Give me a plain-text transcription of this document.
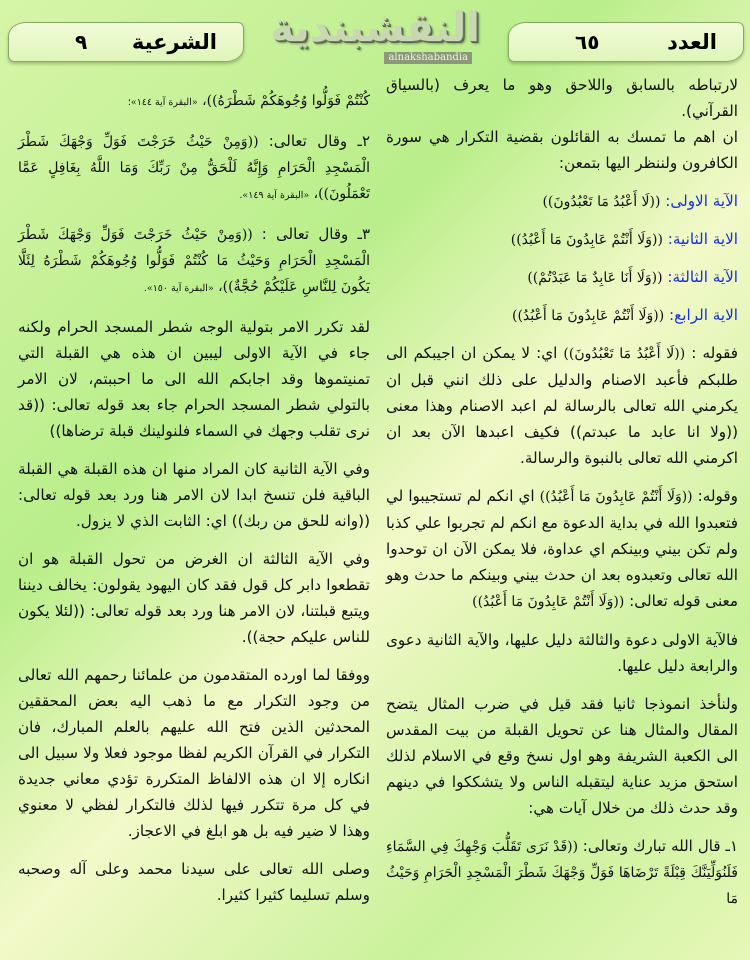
العدد
٦٥
النقشبندية
alnakshabandia
الشرعية
٩

لارتباطه بالسابق واللاحق وهو ما يعرف (بالسياق القرآني).

ان اهم ما تمسك به القائلون بقضية التكرار هي سورة الكافرون ولننظر اليها بتمعن:

الآية الاولى: ((لَا أَعْبُدُ مَا تَعْبُدُونَ))
الاية الثانية: ((وَلَا أَنْتُمْ عَابِدُونَ مَا أَعْبُدُ))
الآية الثالثة: ((وَلَا أَنَا عَابِدٌ مَا عَبَدْتُمْ))
الاية الرابع: ((وَلَا أَنْتُمْ عَابِدُونَ مَا أَعْبُدُ))

فقوله : ((لَا أَعْبُدُ مَا تَعْبُدُونَ)) اي: لا يمكن ان اجيبكم الى طلبكم فأعبد الاصنام والدليل على ذلك انني قبل ان يكرمني الله تعالى بالرسالة لم اعبد الاصنام وهذا معنى ((ولا انا عابد ما عبدتم)) فكيف اعبدها الآن بعد ان اكرمني الله تعالى بالنبوة والرسالة.

وقوله: ((وَلَا أَنْتُمْ عَابِدُونَ مَا أَعْبُدُ)) اي انكم لم تستجيبوا لي فتعبدوا الله في بداية الدعوة مع انكم لم تجربوا علي كذبا ولم تكن بيني وبينكم اي عداوة، فلا يمكن الآن ان توحدوا الله تعالى وتعبدوه بعد ان حدث بيني وبينكم ما حدث وهو معنى قوله تعالى: ((وَلَا أَنْتُمْ عَابِدُونَ مَا أَعْبُدُ))

فالآية الاولى دعوة والثالثة دليل عليها، والآية الثانية دعوى والرابعة دليل عليها.

ولنأخذ انموذجا ثانيا فقد قيل في ضرب المثال يتضح المقال والمثال هنا عن تحويل القبلة من بيت المقدس الى الكعبة الشريفة وهو اول نسخ وقع في الاسلام لذلك استحق مزيد عناية ليتقبله الناس ولا يتشككوا في دينهم وقد حدث ذلك من خلال آيات هي:

١ـ قال الله تبارك وتعالى: ((قَدْ نَرَى تَقَلُّبَ وَجْهِكَ فِي السَّمَاءِ فَلَنُوَلِّيَنَّكَ قِبْلَةً تَرْضَاهَا فَوَلِّ وَجْهَكَ شَطْرَ الْمَسْجِدِ الْحَرَامِ وَحَيْثُ مَا
كُنْتُمْ فَوَلُّوا وُجُوهَكُمْ شَطْرَهُ))، «البقرة آية ١٤٤»؛
٢ـ وقال تعالى: ((وَمِنْ حَيْثُ خَرَجْتَ فَوَلِّ وَجْهَكَ شَطْرَ الْمَسْجِدِ الْحَرَامِ وَإِنَّهُ لَلْحَقُّ مِنْ رَبِّكَ وَمَا اللَّهُ بِغَافِلٍ عَمَّا تَعْمَلُونَ))، «البقرة آية ١٤٩».
٣ـ وقال تعالى : ((وَمِنْ حَيْثُ خَرَجْتَ فَوَلِّ وَجْهَكَ شَطْرَ الْمَسْجِدِ الْحَرَامِ وَحَيْثُ مَا كُنْتُمْ فَوَلُّوا وُجُوهَكُمْ شَطْرَهُ لِئَلَّا يَكُونَ لِلنَّاسِ عَلَيْكُمْ حُجَّةٌ))، «البقرة آية ١٥٠».

لقد تكرر الامر بتولية الوجه شطر المسجد الحرام ولكنه جاء في الآية الاولى ليبين ان هذه هي القبلة التي تمنيتموها وقد اجابكم الله الى ما احببتم، لان الامر بالتولي شطر المسجد الحرام جاء بعد قوله تعالى: ((قد نرى تقلب وجهك في السماء فلنولينك قبلة ترضاها))

وفي الآية الثانية كان المراد منها ان هذه القبلة هي القبلة الباقية فلن تنسخ ابدا لان الامر هنا ورد بعد قوله تعالى: ((وانه للحق من ربك)) اي: الثابت الذي لا يزول.

وفي الآية الثالثة ان الغرض من تحول القبلة هو ان تقطعوا دابر كل قول فقد كان اليهود يقولون: يخالف ديننا ويتبع قبلتنا، لان الامر هنا ورد بعد قوله تعالى: ((لئلا يكون للناس عليكم حجة)).

ووفقا لما اورده المتقدمون من علمائنا رحمهم الله تعالى من وجود التكرار مع ما ذهب اليه بعض المحققين المحدثين الذين فتح الله عليهم بالعلم المبارك، فان التكرار في القرآن الكريم لفظا موجود فعلا ولا سبيل الى انكاره إلا ان هذه الالفاظ المتكررة تؤدي معاني جديدة في كل مرة تتكرر فيها لذلك فالتكرار لفظي لا معنوي وهذا لا ضير فيه بل هو ابلغ في الاعجاز.

وصلى الله تعالى على سيدنا محمد وعلى آله وصحبه وسلم تسليما كثيرا كثيرا.
